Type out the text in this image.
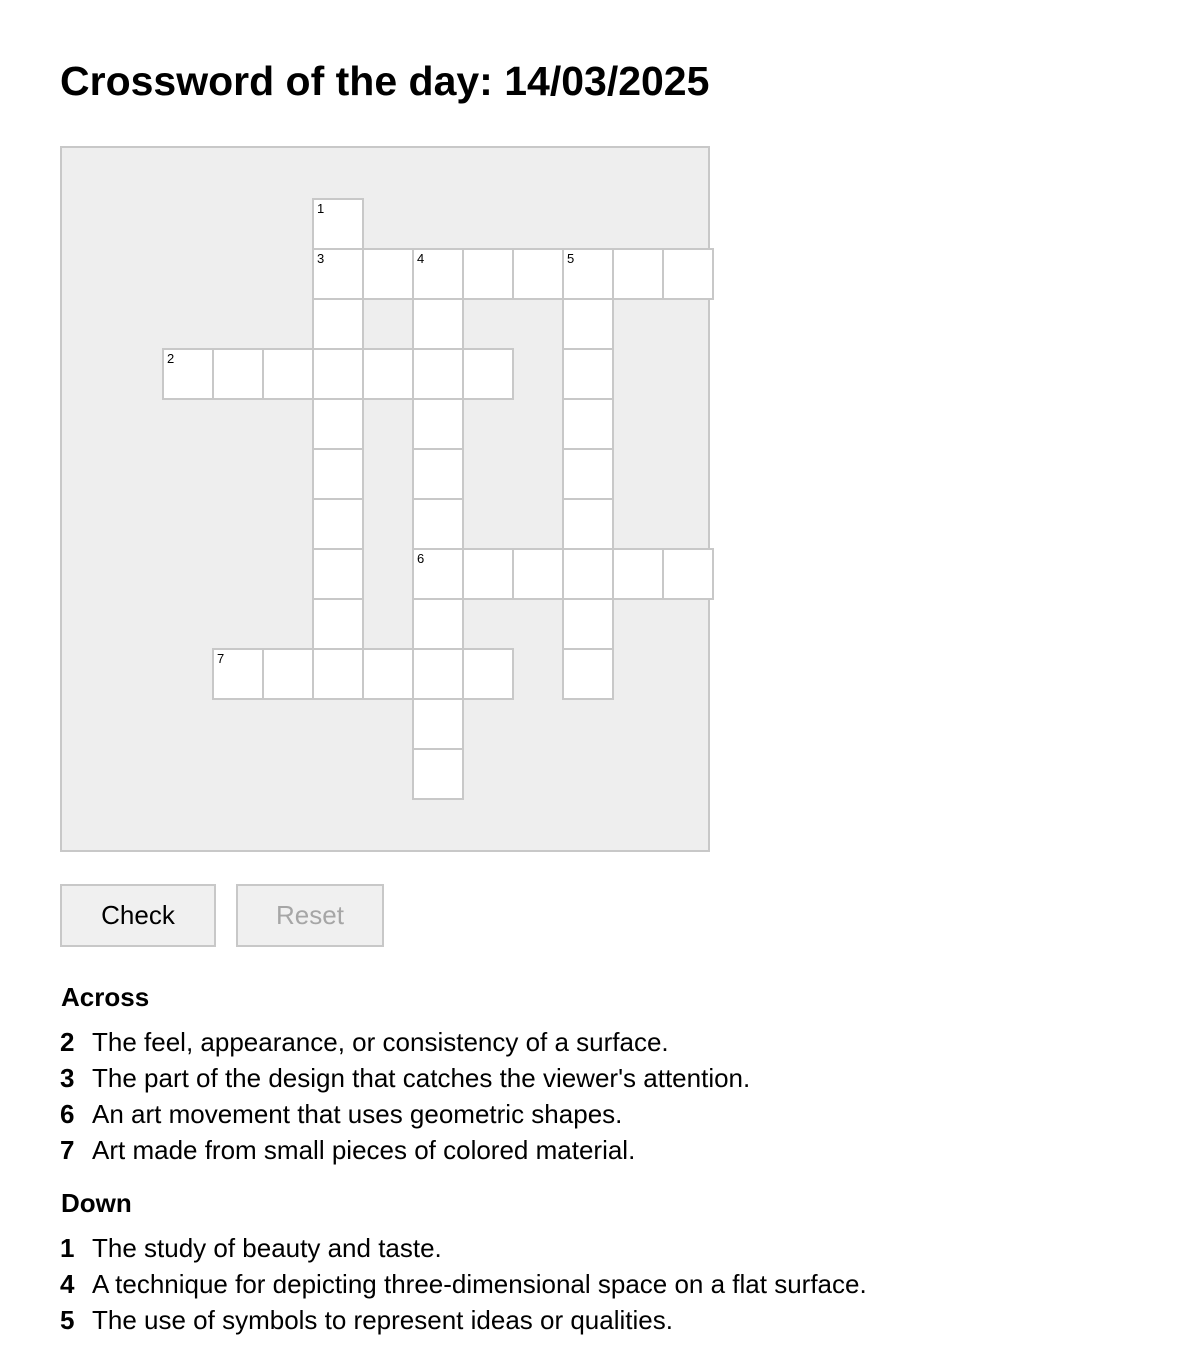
Crossword of the day: 14/03/2025
1
3	4	5
2
6
7
Check	Reset
Across
2 The feel, appearance, or consistency of a surface.
3 The part of the design that catches the viewer's attention.
6 An art movement that uses geometric shapes.
7 Art made from small pieces of colored material.
Down
1 The study of beauty and taste.
4 A technique for depicting three-dimensional space on a flat surface.
5 The use of symbols to represent ideas or qualities.
